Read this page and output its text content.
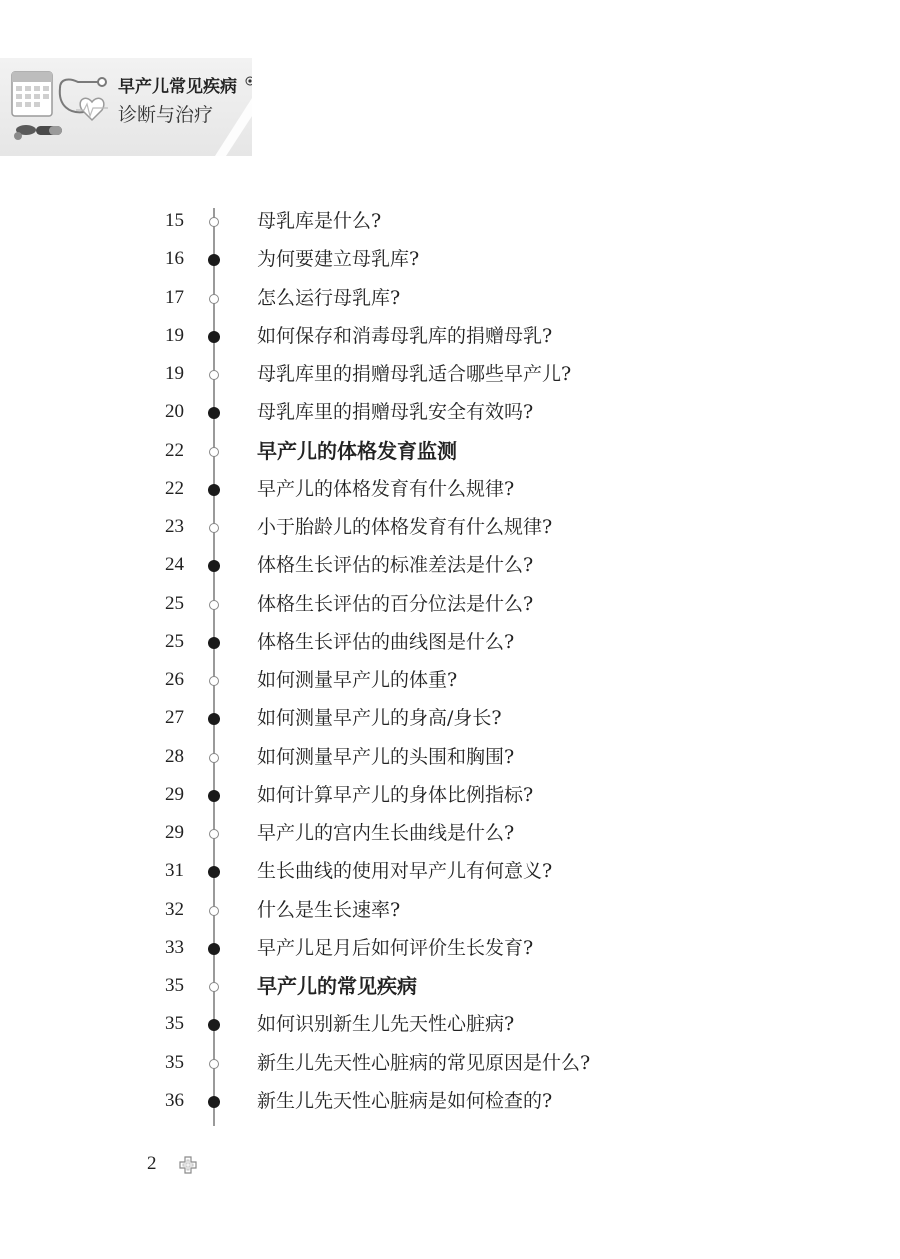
早产儿常见疾病
诊断与治疗
15	母乳库是什么?
16	为何要建立母乳库?
17	怎么运行母乳库?
19	如何保存和消毒母乳库的捐赠母乳?
19	母乳库里的捐赠母乳适合哪些早产儿?
20	母乳库里的捐赠母乳安全有效吗?
22	早产儿的体格发育监测
22	早产儿的体格发育有什么规律?
23	小于胎龄儿的体格发育有什么规律?
24	体格生长评估的标准差法是什么?
25	体格生长评估的百分位法是什么?
25	体格生长评估的曲线图是什么?
26	如何测量早产儿的体重?
27	如何测量早产儿的身高/身长?
28	如何测量早产儿的头围和胸围?
29	如何计算早产儿的身体比例指标?
29	早产儿的宫内生长曲线是什么?
31	生长曲线的使用对早产儿有何意义?
32	什么是生长速率?
33	早产儿足月后如何评价生长发育?
35	早产儿的常见疾病
35	如何识别新生儿先天性心脏病?
35	新生儿先天性心脏病的常见原因是什么?
36	新生儿先天性心脏病是如何检查的?
2
